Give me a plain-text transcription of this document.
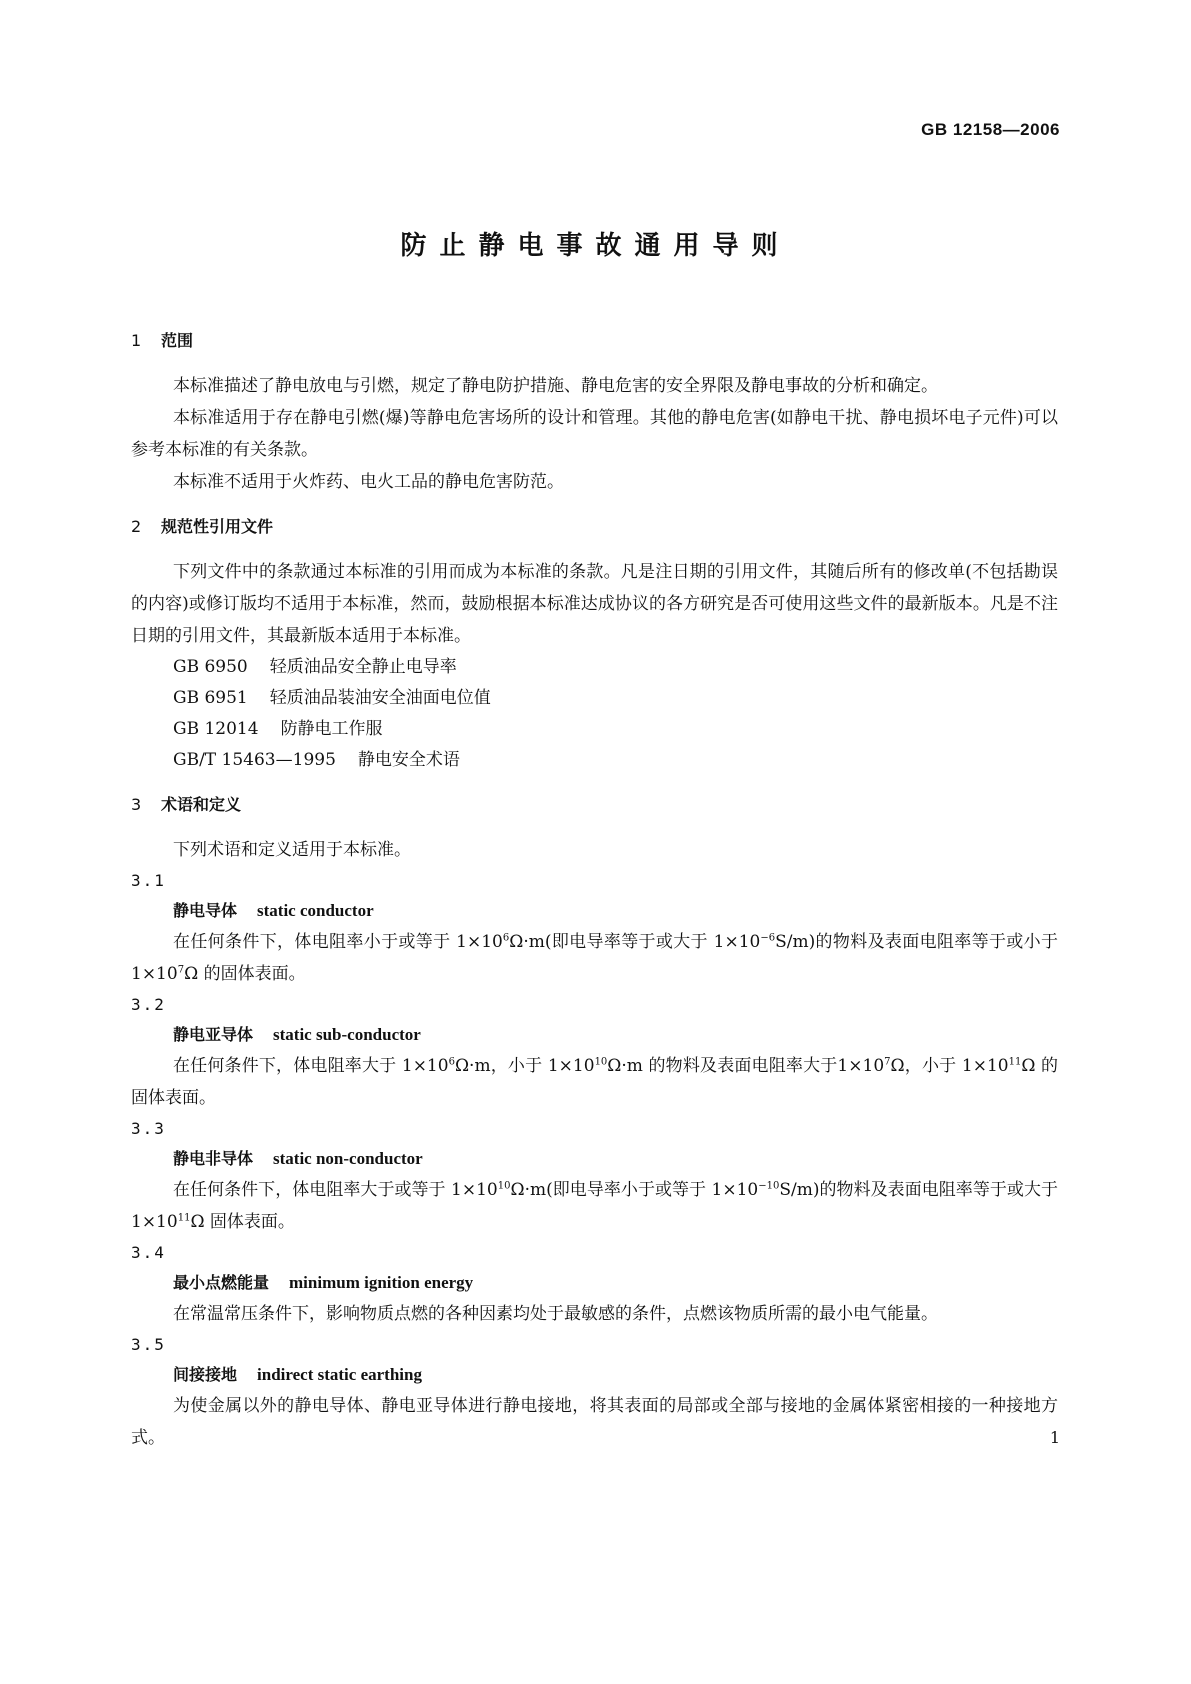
GB 12158—2006
防止静电事故通用导则
1 范围

本标准描述了静电放电与引燃，规定了静电防护措施、静电危害的安全界限及静电事故的分析和确定。

本标准适用于存在静电引燃(爆)等静电危害场所的设计和管理。其他的静电危害(如静电干扰、静电损坏电子元件)可以参考本标准的有关条款。

本标准不适用于火炸药、电火工品的静电危害防范。

2 规范性引用文件

下列文件中的条款通过本标准的引用而成为本标准的条款。凡是注日期的引用文件，其随后所有的修改单(不包括勘误的内容)或修订版均不适用于本标准，然而，鼓励根据本标准达成协议的各方研究是否可使用这些文件的最新版本。凡是不注日期的引用文件，其最新版本适用于本标准。

GB 6950 轻质油品安全静止电导率
GB 6951 轻质油品装油安全油面电位值
GB 12014 防静电工作服
GB/T 15463—1995 静电安全术语
3 术语和定义

下列术语和定义适用于本标准。

3.1
静电导体 static conductor

在任何条件下，体电阻率小于或等于 $1\times 10^6\Omega\cdot m$(即电导率等于或大于 $1\times 10^{-6}S/m$)的物料及表面电阻率等于或小于 $1\times 10^7\Omega$ 的固体表面。

3.2
静电亚导体 static sub-conductor

在任何条件下，体电阻率大于 $1\times 10^6\Omega\cdot m$，小于 $1\times 10^{10}\Omega\cdot m$ 的物料及表面电阻率大于$1\times 10^7\Omega$，小于 $1\times 10^{11}\Omega$ 的固体表面。

3.3
静电非导体 static non-conductor

在任何条件下，体电阻率大于或等于 $1\times 10^{10}\Omega\cdot m$(即电导率小于或等于 $1\times 10^{-10}S/m$)的物料及表面电阻率等于或大于 $1\times 10^{11}\Omega$ 固体表面。

3.4
最小点燃能量 minimum ignition energy

在常温常压条件下，影响物质点燃的各种因素均处于最敏感的条件，点燃该物质所需的最小电气能量。

3.5
间接接地 indirect static earthing

为使金属以外的静电导体、静电亚导体进行静电接地，将其表面的局部或全部与接地的金属体紧密相接的一种接地方式。	1
